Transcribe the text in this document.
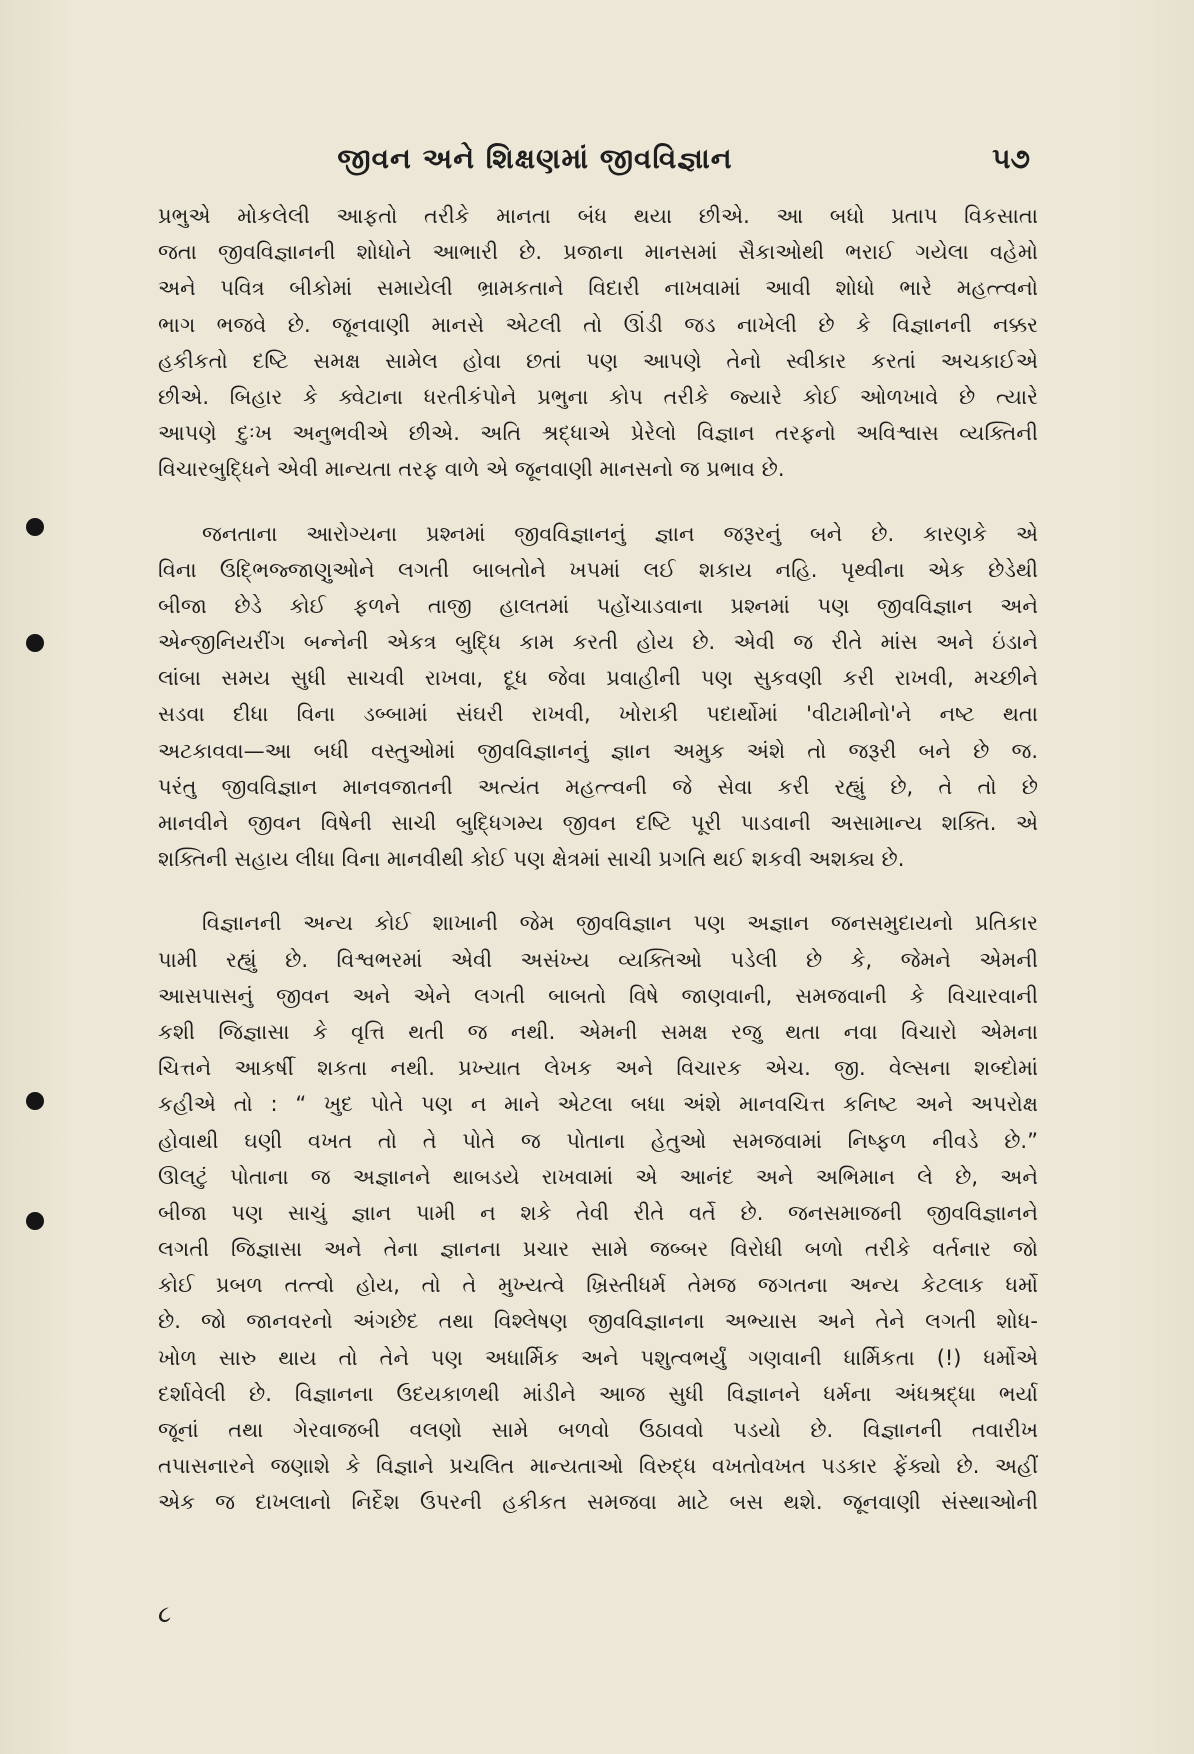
જીવન અને શિક્ષણમાં જીવવિજ્ઞાન	૫૭
પ્રભુએ મોકલેલી આફતો તરીકે માનતા બંધ થયા છીએ. આ બધો પ્રતાપ વિકસાતા
જતા જીવવિજ્ઞાનની શોધોને આભારી છે. પ્રજાના માનસમાં સૈકાઓથી ભરાઈ ગયેલા વહેમો
અને પવિત્ર બીકોમાં સમાયેલી ભ્રામકતાને વિદારી નાખવામાં આવી શોધો ભારે મહત્ત્વનો
ભાગ ભજવે છે. જૂનવાણી માનસે એટલી તો ઊંડી જડ નાખેલી છે કે વિજ્ઞાનની નક્કર
હકીકતો દષ્ટિ સમક્ષ સામેલ હોવા છતાં પણ આપણે તેનો સ્વીકાર કરતાં અચકાઈએ
છીએ. બિહાર કે ક્વેટાના ધરતીકંપોને પ્રભુના કોપ તરીકે જ્યારે કોઈ ઓળખાવે છે ત્યારે
આપણે દુઃખ અનુભવીએ છીએ. અતિ શ્રદ્ધાએ પ્રેરેલો વિજ્ઞાન તરફનો અવિશ્વાસ વ્યક્તિની
વિચારબુદ્ધિને એવી માન્યતા તરફ વાળે એ જૂનવાણી માનસનો જ પ્રભાવ છે.
જનતાના આરોગ્યના પ્રશ્નમાં જીવવિજ્ઞાનનું જ્ઞાન જરૂરનું બને છે. કારણકે એ
વિના ઉદ્ભિજ્જાણુઓને લગતી બાબતોને ખપમાં લઈ શકાય નહિ. પૃથ્વીના એક છેડેથી
બીજા છેડે કોઈ ફળને તાજી હાલતમાં પહોંચાડવાના પ્રશ્નમાં પણ જીવવિજ્ઞાન અને
એન્જીનિયરીંગ બન્નેની એકત્ર બુદ્ધિ કામ કરતી હોય છે. એવી જ રીતે માંસ અને ઇંડાને
લાંબા સમય સુધી સાચવી રાખવા, દૂધ જેવા પ્રવાહીની પણ સુકવણી કરી રાખવી, મચ્છીને
સડવા દીધા વિના ડબ્બામાં સંઘરી રાખવી, ખોરાકી પદાર્થોમાં 'વીટામીનો'ને નષ્ટ થતા
અટકાવવા—આ બધી વસ્તુઓમાં જીવવિજ્ઞાનનું જ્ઞાન અમુક અંશે તો જરૂરી બને છે જ.
પરંતુ જીવવિજ્ઞાન માનવજાતની અત્યંત મહત્ત્વની જે સેવા કરી રહ્યું છે, તે તો છે
માનવીને જીવન વિષેની સાચી બુદ્ધિગમ્ય જીવન દષ્ટિ પૂરી પાડવાની અસામાન્ય શક્તિ. એ
શક્તિની સહાય લીધા વિના માનવીથી કોઈ પણ ક્ષેત્રમાં સાચી પ્રગતિ થઈ શકવી અશક્ય છે.
વિજ્ઞાનની અન્ય કોઈ શાખાની જેમ જીવવિજ્ઞાન પણ અજ્ઞાન જનસમુદાયનો પ્રતિકાર
પામી રહ્યું છે. વિશ્વભરમાં એવી અસંખ્ય વ્યક્તિઓ પડેલી છે કે, જેમને એમની
આસપાસનું જીવન અને એને લગતી બાબતો વિષે જાણવાની, સમજવાની કે વિચારવાની
કશી જિજ્ઞાસા કે વૃત્તિ થતી જ નથી. એમની સમક્ષ રજુ થતા નવા વિચારો એમના
ચિત્તને આકર્ષી શકતા નથી. પ્રખ્યાત લેખક અને વિચારક એચ. જી. વેલ્સના શબ્દોમાં
કહીએ તો : “ ખુદ પોતે પણ ન માને એટલા બધા અંશે માનવચિત્ત કનિષ્ટ અને અપરોક્ષ
હોવાથી ઘણી વખત તો તે પોતે જ પોતાના હેતુઓ સમજવામાં નિષ્ફળ નીવડે છે.”
ઊલટું પોતાના જ અજ્ઞાનને થાબડયે રાખવામાં એ આનંદ અને અભિમાન લે છે, અને
બીજા પણ સાચું જ્ઞાન પામી ન શકે તેવી રીતે વર્તે છે. જનસમાજની જીવવિજ્ઞાનને
લગતી જિજ્ઞાસા અને તેના જ્ઞાનના પ્રચાર સામે જબ્બર વિરોધી બળો તરીકે વર્તનાર જો
કોઈ પ્રબળ તત્ત્વો હોય, તો તે મુખ્યત્વે ખ્રિસ્તીધર્મ તેમજ જગતના અન્ય કેટલાક ધર્મો
છે. જો જાનવરનો અંગછેદ તથા વિશ્લેષણ જીવવિજ્ઞાનના અભ્યાસ અને તેને લગતી શોધ-
ખોળ સારુ થાય તો તેને પણ અધાર્મિક અને પશુત્વભર્યું ગણવાની ધાર્મિકતા (!) ધર્મોએ
દર્શાવેલી છે. વિજ્ઞાનના ઉદયકાળથી માંડીને આજ સુધી વિજ્ઞાનને ધર્મના અંધશ્રદ્ધા ભર્યા
જૂનાં તથા ગેરવાજબી વલણો સામે બળવો ઉઠાવવો પડયો છે. વિજ્ઞાનની તવારીખ
તપાસનારને જણાશે કે વિજ્ઞાને પ્રચલિત માન્યતાઓ વિરુદ્ધ વખતોવખત પડકાર ફેંક્યો છે. અહીં
એક જ દાખલાનો નિર્દેશ ઉપરની હકીકત સમજવા માટે બસ થશે. જૂનવાણી સંસ્થાઓની
૮
